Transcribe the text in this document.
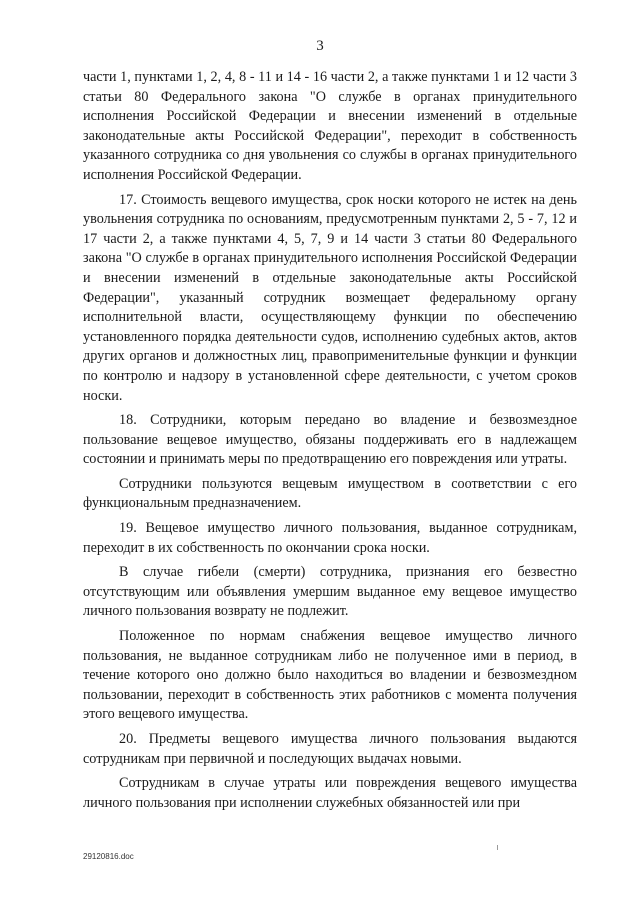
3

части 1, пунктами 1, 2, 4, 8 - 11 и 14 - 16 части 2, а также пунктами 1 и 12 части 3 статьи 80 Федерального закона "О службе в органах принудительного исполнения Российской Федерации и внесении изменений в отдельные законодательные акты Российской Федерации", переходит в собственность указанного сотрудника со дня увольнения со службы в органах принудительного исполнения Российской Федерации.

17. Стоимость вещевого имущества, срок носки которого не истек на день увольнения сотрудника по основаниям, предусмотренным пунктами 2, 5 - 7, 12 и 17 части 2, а также пунктами 4, 5, 7, 9 и 14 части 3 статьи 80 Федерального закона "О службе в органах принудительного исполнения Российской Федерации и внесении изменений в отдельные законодательные акты Российской Федерации", указанный сотрудник возмещает федеральному органу исполнительной власти, осуществляющему функции по обеспечению установленного порядка деятельности судов, исполнению судебных актов, актов других органов и должностных лиц, правоприменительные функции и функции по контролю и надзору в установленной сфере деятельности, с учетом сроков носки.

18. Сотрудники, которым передано во владение и безвозмездное пользование вещевое имущество, обязаны поддерживать его в надлежащем состоянии и принимать меры по предотвращению его повреждения или утраты.

Сотрудники пользуются вещевым имуществом в соответствии с его функциональным предназначением.

19. Вещевое имущество личного пользования, выданное сотрудникам, переходит в их собственность по окончании срока носки.

В случае гибели (смерти) сотрудника, признания его безвестно отсутствующим или объявления умершим выданное ему вещевое имущество личного пользования возврату не подлежит.

Положенное по нормам снабжения вещевое имущество личного пользования, не выданное сотрудникам либо не полученное ими в период, в течение которого оно должно было находиться во владении и безвозмездном пользовании, переходит в собственность этих работников с момента получения этого вещевого имущества.

20. Предметы вещевого имущества личного пользования выдаются сотрудникам при первичной и последующих выдачах новыми.

Сотрудникам в случае утраты или повреждения вещевого имущества личного пользования при исполнении служебных обязанностей или при

29120816.doc
